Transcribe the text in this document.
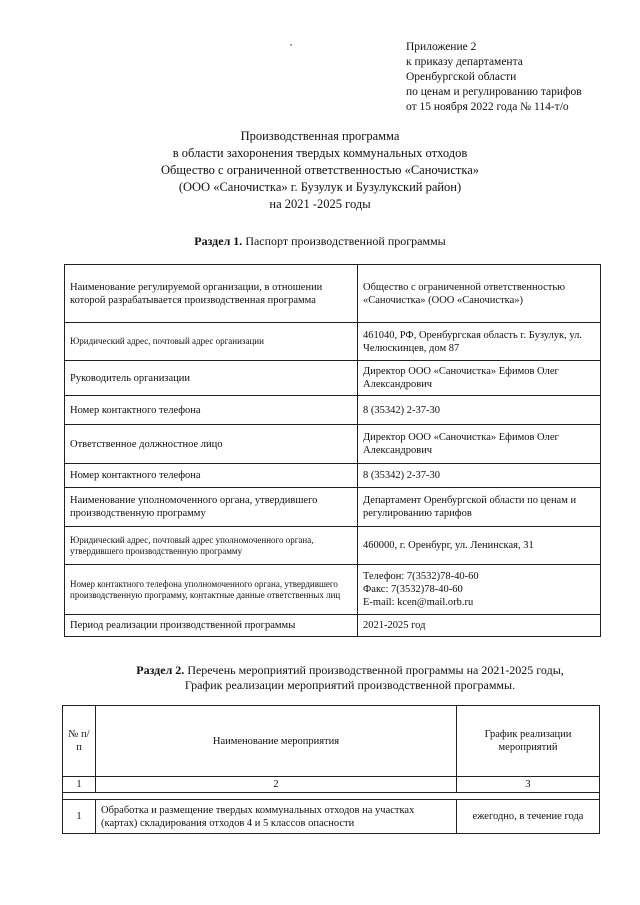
Приложение 2
к приказу департамента
Оренбургской области
по ценам и регулированию тарифов
от 15 ноября 2022 года № 114-т/о
Производственная программа
в области захоронения твердых коммунальных отходов
Общество с ограниченной ответственностью «Саночистка»
(ООО «Саночистка» г. Бузулук и Бузулукский район)
на 2021 -2025 годы
Раздел 1. Паспорт производственной программы
Наименование регулируемой организации, в отношении которой разрабатывается производственная программа	Общество с ограниченной ответственностью «Саночистка» (ООО «Саночистка»)
Юридический адрес, почтовый адрес организации	461040, РФ, Оренбургская область г. Бузулук, ул. Челюскинцев, дом 87
Руководитель организации	Директор ООО «Саночистка» Ефимов Олег Александрович
Номер контактного телефона	8 (35342) 2-37-30
Ответственное должностное лицо	Директор ООО «Саночистка» Ефимов Олег Александрович
Номер контактного телефона	8 (35342) 2-37-30
Наименование уполномоченного органа, утвердившего производственную программу	Департамент Оренбургской области по ценам и регулированию тарифов
Юридический адрес, почтовый адрес уполномоченного органа, утвердившего производственную программу	460000, г. Оренбург, ул. Ленинская, 31
Номер контактного телефона уполномоченного органа, утвердившего производственную программу, контактные данные ответственных лиц	Телефон: 7(3532)78-40-60
Факс: 7(3532)78-40-60
E-mail: kcen@mail.orb.ru

Период реализации производственной программы	2021-2025 год
Раздел 2. Перечень мероприятий производственной программы на 2021-2025 годы,
График реализации мероприятий производственной программы.
№ п/п	Наименование мероприятия	График реализации мероприятий
1	2	3

1	Обработка и размещение твердых коммунальных отходов на участках (картах) складирования отходов 4 и 5 классов опасности	ежегодно, в течение года
